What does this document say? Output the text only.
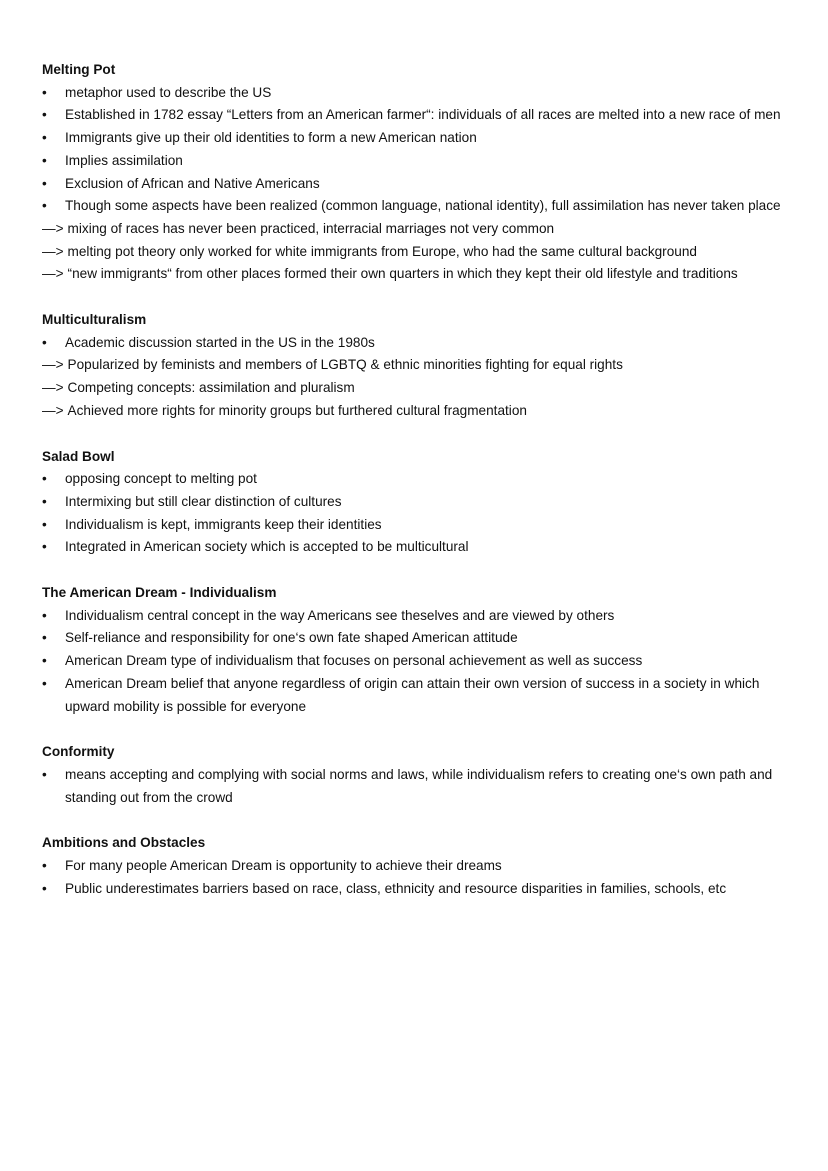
Melting Pot
•	metaphor used to describe the US
•	Established in 1782 essay “Letters from an American farmer“: individuals of all races are melted into a new race of men
•	Immigrants give up their old identities to form a new American nation
•	Implies assimilation
•	Exclusion of African and Native Americans
•	Though some aspects have been realized (common language, national identity), full assimilation has never taken place
—> mixing of races has never been practiced, interracial marriages not very common
—> melting pot theory only worked for white immigrants from Europe, who had the same cultural background
—> “new immigrants“ from other places formed their own quarters in which they kept their old lifestyle and traditions
Multiculturalism
•	Academic discussion started in the US in the 1980s
—> Popularized by feminists and members of LGBTQ & ethnic minorities fighting for equal rights
—> Competing concepts: assimilation and pluralism
—> Achieved more rights for minority groups but furthered cultural fragmentation
Salad Bowl
•	opposing concept to melting pot
•	Intermixing but still clear distinction of cultures
•	Individualism is kept, immigrants keep their identities
•	Integrated in American society which is accepted to be multicultural
The American Dream - Individualism
•	Individualism central concept in the way Americans see theselves and are viewed by others
•	Self-reliance and responsibility for one‘s own fate shaped American attitude
•	American Dream type of individualism that focuses on personal achievement as well as success
•	American Dream belief that anyone regardless of origin can attain their own version of success in a society in which upward mobility is possible for everyone
Conformity
•	means accepting and complying with social norms and laws, while individualism refers to creating one‘s own path and standing out from the crowd
Ambitions and Obstacles
•	For many people American Dream is opportunity to achieve their dreams
•	Public underestimates barriers based on race, class, ethnicity and resource disparities in families, schools, etc
